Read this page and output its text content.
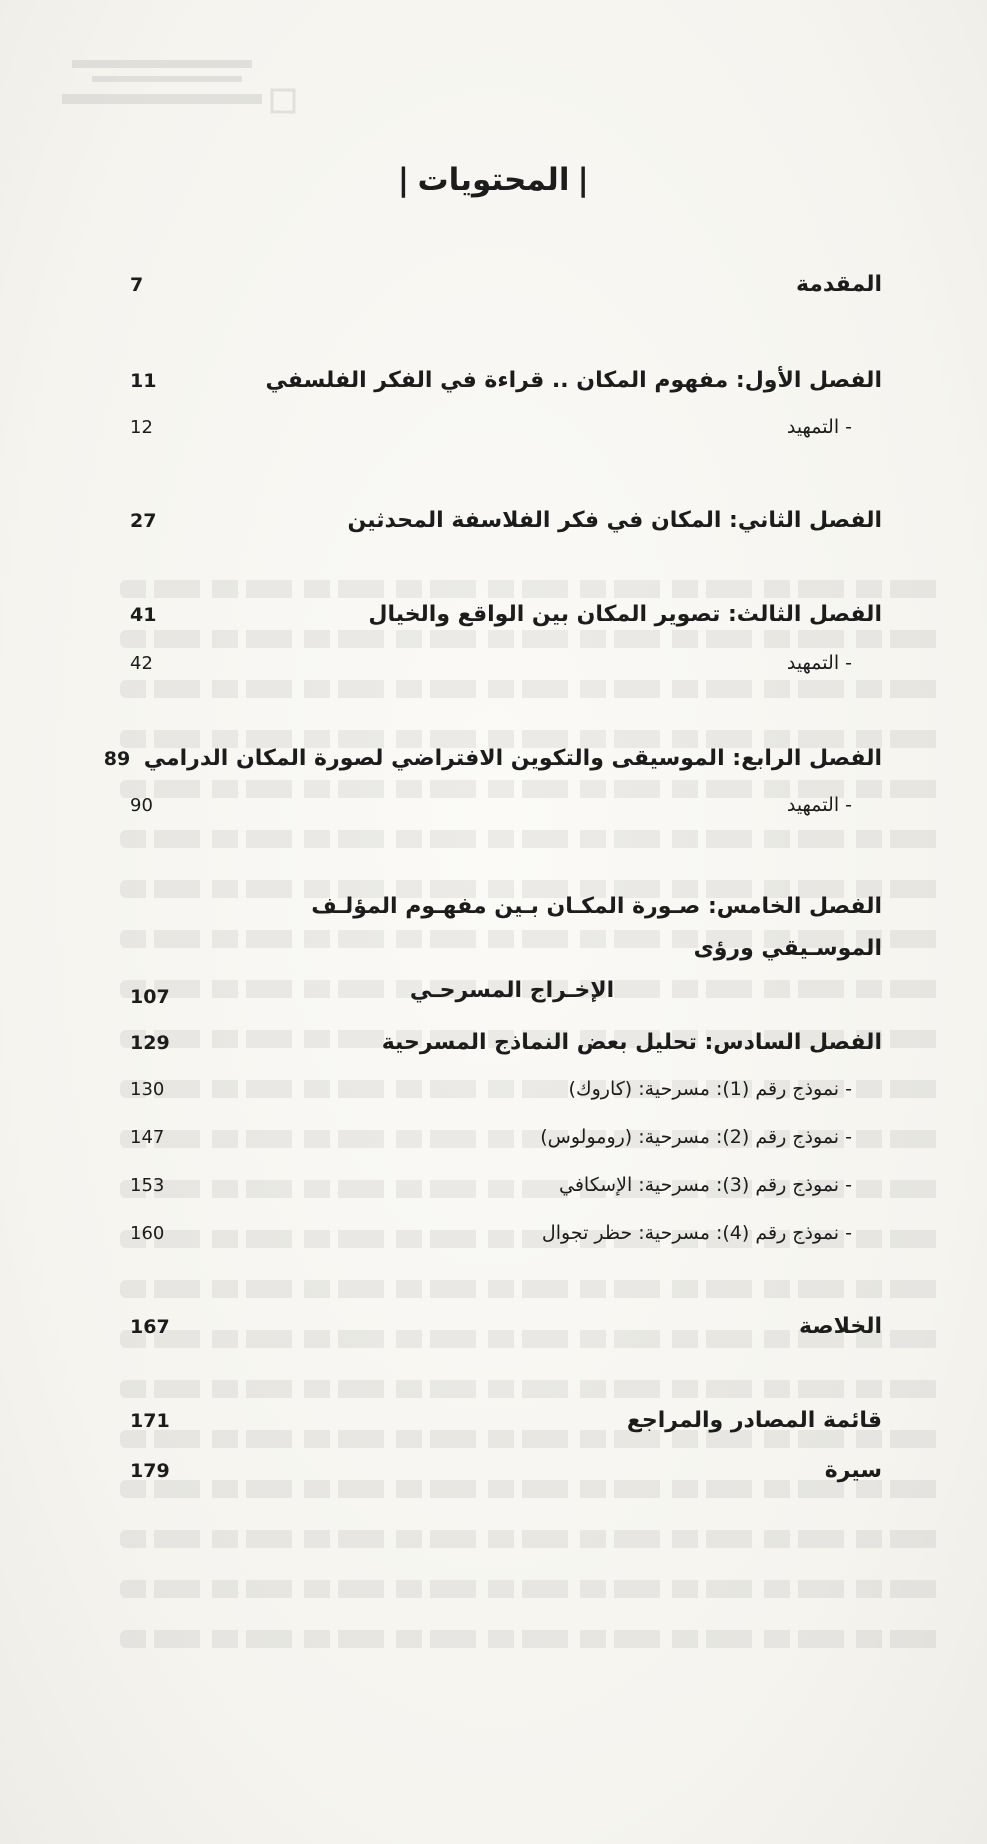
|المحتويات|
المقدمة
7
الفصل الأول: مفهوم المكان .. قراءة في الفكر الفلسفي
11
- التمهيد
12
الفصل الثاني: المكان في فكر الفلاسفة المحدثين
27
الفصل الثالث: تصوير المكان بين الواقع والخيال
41
- التمهيد
42
الفصل الرابع: الموسيقى والتكوين الافتراضي لصورة المكان الدرامي
89
- التمهيد
90
الفصل الخامس: صـورة المكـان بـين مفهـوم المؤلـف الموسـيقي ورؤى
الإخـراج المسرحـي
107
الفصل السادس: تحليل بعض النماذج المسرحية
129
- نموذج رقم (1): مسرحية: (كاروك)
130
- نموذج رقم (2): مسرحية: (رومولوس)
147
- نموذج رقم (3): مسرحية: الإسكافي
153
- نموذج رقم (4): مسرحية: حظر تجوال
160
الخلاصة
167
قائمة المصادر والمراجع
171
سيرة
179
